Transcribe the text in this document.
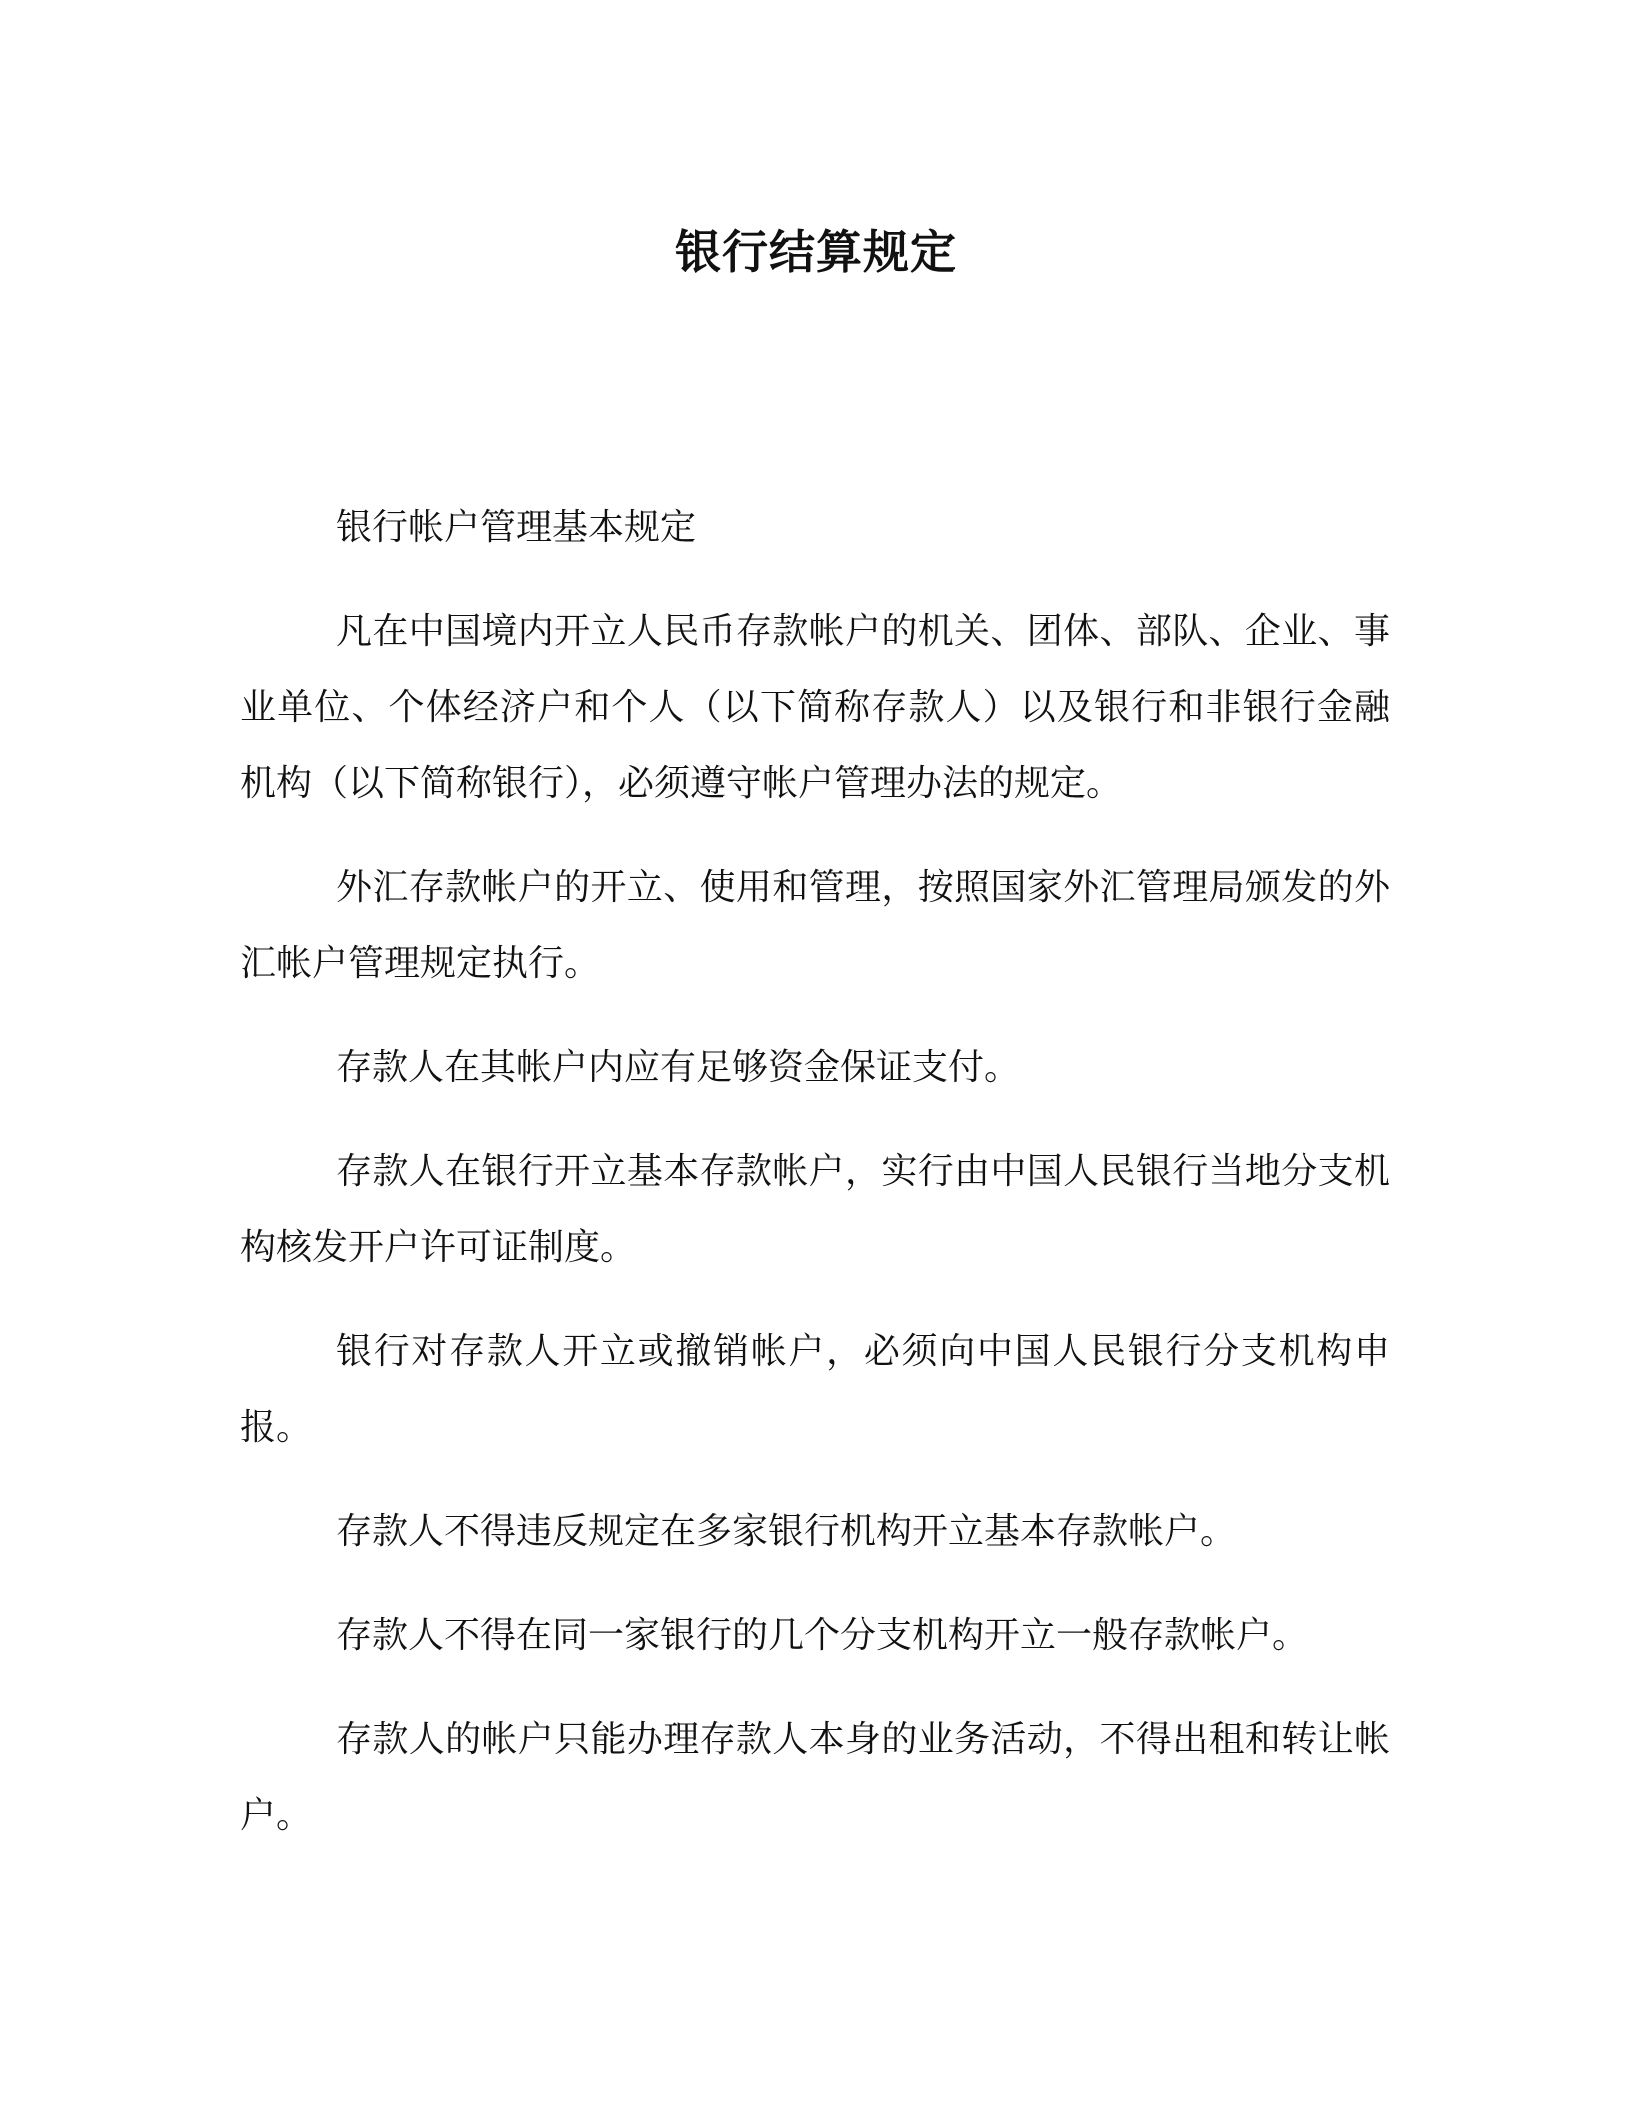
银行结算规定

银行帐户管理基本规定

凡在中国境内开立人民币存款帐户的机关、团体、部队、企业、事业单位、个体经济户和个人（以下简称存款人）以及银行和非银行金融机构（以下简称银行），必须遵守帐户管理办法的规定。

外汇存款帐户的开立、使用和管理，按照国家外汇管理局颁发的外汇帐户管理规定执行。

存款人在其帐户内应有足够资金保证支付。

存款人在银行开立基本存款帐户，实行由中国人民银行当地分支机构核发开户许可证制度。

银行对存款人开立或撤销帐户，必须向中国人民银行分支机构申报。

存款人不得违反规定在多家银行机构开立基本存款帐户。

存款人不得在同一家银行的几个分支机构开立一般存款帐户。

存款人的帐户只能办理存款人本身的业务活动，不得出租和转让帐户。
